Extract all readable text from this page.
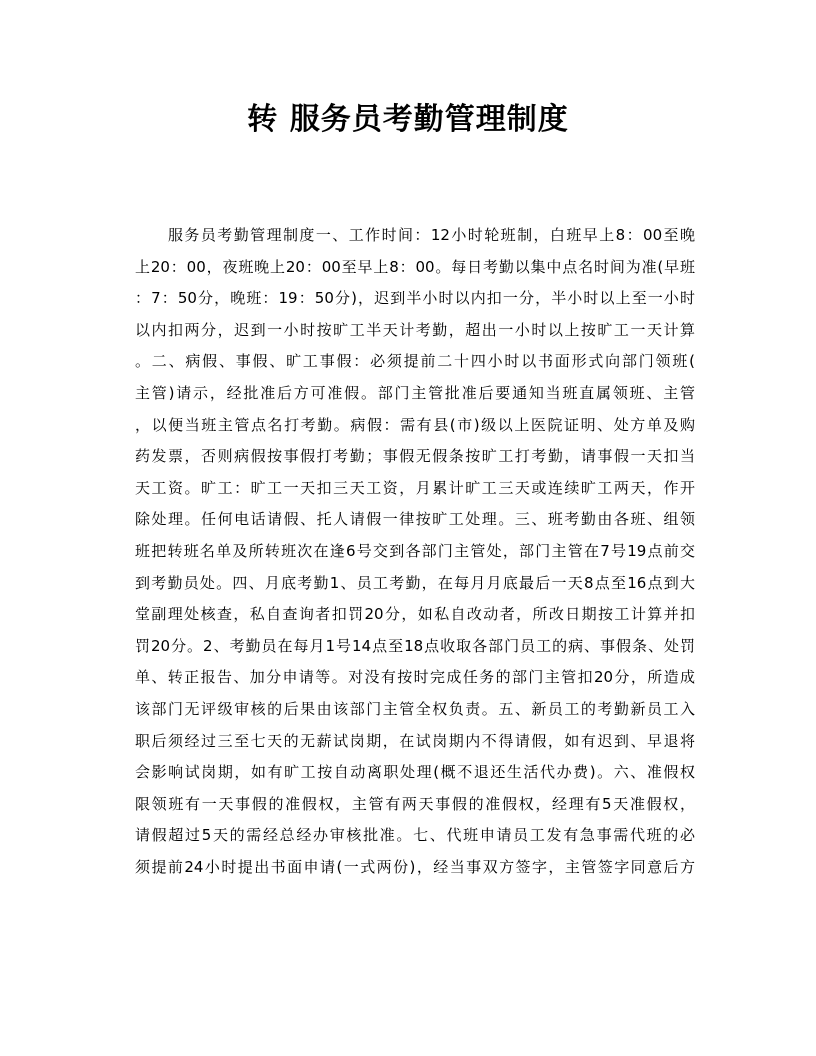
转 服务员考勤管理制度
服务员考勤管理制度一、工作时间：12小时轮班制，白班早上8：00至晚
上20：00，夜班晚上20：00至早上8：00。每日考勤以集中点名时间为准(早班
：7：50分，晚班：19：50分)，迟到半小时以内扣一分，半小时以上至一小时
以内扣两分，迟到一小时按旷工半天计考勤，超出一小时以上按旷工一天计算
。二、病假、事假、旷工事假：必须提前二十四小时以书面形式向部门领班(
主管)请示，经批准后方可准假。部门主管批准后要通知当班直属领班、主管
，以便当班主管点名打考勤。病假：需有县(市)级以上医院证明、处方单及购
药发票，否则病假按事假打考勤；事假无假条按旷工打考勤，请事假一天扣当
天工资。旷工：旷工一天扣三天工资，月累计旷工三天或连续旷工两天，作开
除处理。任何电话请假、托人请假一律按旷工处理。三、班考勤由各班、组领
班把转班名单及所转班次在逢6号交到各部门主管处，部门主管在7号19点前交
到考勤员处。四、月底考勤1、员工考勤，在每月月底最后一天8点至16点到大
堂副理处核查，私自查询者扣罚20分，如私自改动者，所改日期按工计算并扣
罚20分。2、考勤员在每月1号14点至18点收取各部门员工的病、事假条、处罚
单、转正报告、加分申请等。对没有按时完成任务的部门主管扣20分，所造成
该部门无评级审核的后果由该部门主管全权负责。五、新员工的考勤新员工入
职后须经过三至七天的无薪试岗期，在试岗期内不得请假，如有迟到、早退将
会影响试岗期，如有旷工按自动离职处理(概不退还生活代办费)。六、准假权
限领班有一天事假的准假权，主管有两天事假的准假权，经理有5天准假权，
请假超过5天的需经总经办审核批准。七、代班申请员工发有急事需代班的必
须提前24小时提出书面申请(一式两份)，经当事双方签字，主管签字同意后方
